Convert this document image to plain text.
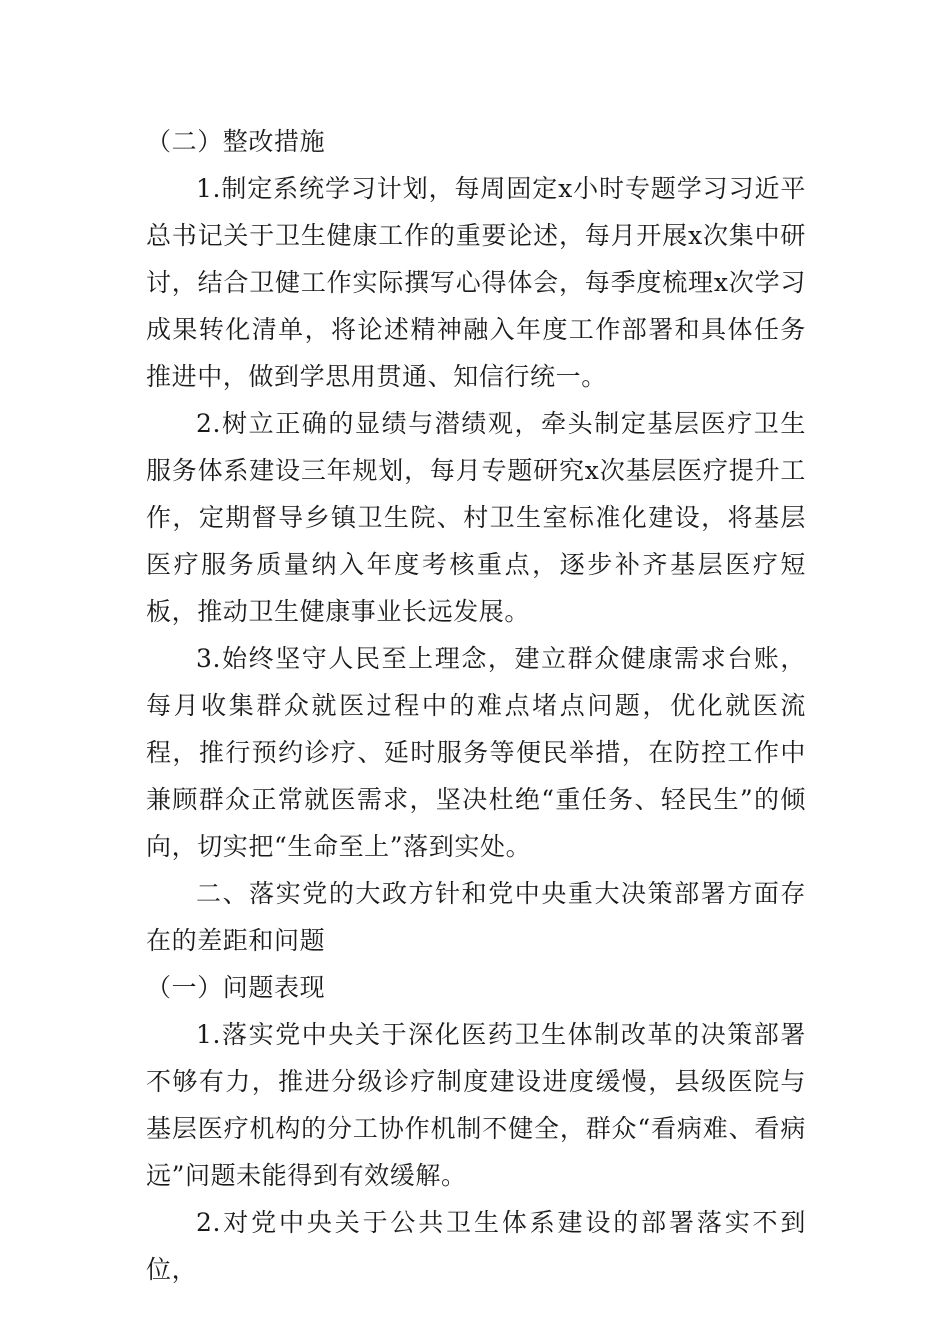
（二）整改措施

1.制定系统学习计划，每周固定x小时专题学习习近平总书记关于卫生健康工作的重要论述，每月开展x次集中研讨，结合卫健工作实际撰写心得体会，每季度梳理x次学习成果转化清单，将论述精神融入年度工作部署和具体任务推进中，做到学思用贯通、知信行统一。

2.树立正确的显绩与潜绩观，牵头制定基层医疗卫生服务体系建设三年规划，每月专题研究x次基层医疗提升工作，定期督导乡镇卫生院、村卫生室标准化建设，将基层医疗服务质量纳入年度考核重点，逐步补齐基层医疗短板，推动卫生健康事业长远发展。

3.始终坚守人民至上理念，建立群众健康需求台账，每月收集群众就医过程中的难点堵点问题，优化就医流程，推行预约诊疗、延时服务等便民举措，在防控工作中兼顾群众正常就医需求，坚决杜绝“重任务、轻民生”的倾向，切实把“生命至上”落到实处。

二、落实党的大政方针和党中央重大决策部署方面存在的差距和问题

（一）问题表现

1.落实党中央关于深化医药卫生体制改革的决策部署不够有力，推进分级诊疗制度建设进度缓慢，县级医院与基层医疗机构的分工协作机制不健全，群众“看病难、看病远”问题未能得到有效缓解。

2.对党中央关于公共卫生体系建设的部署落实不到位，
